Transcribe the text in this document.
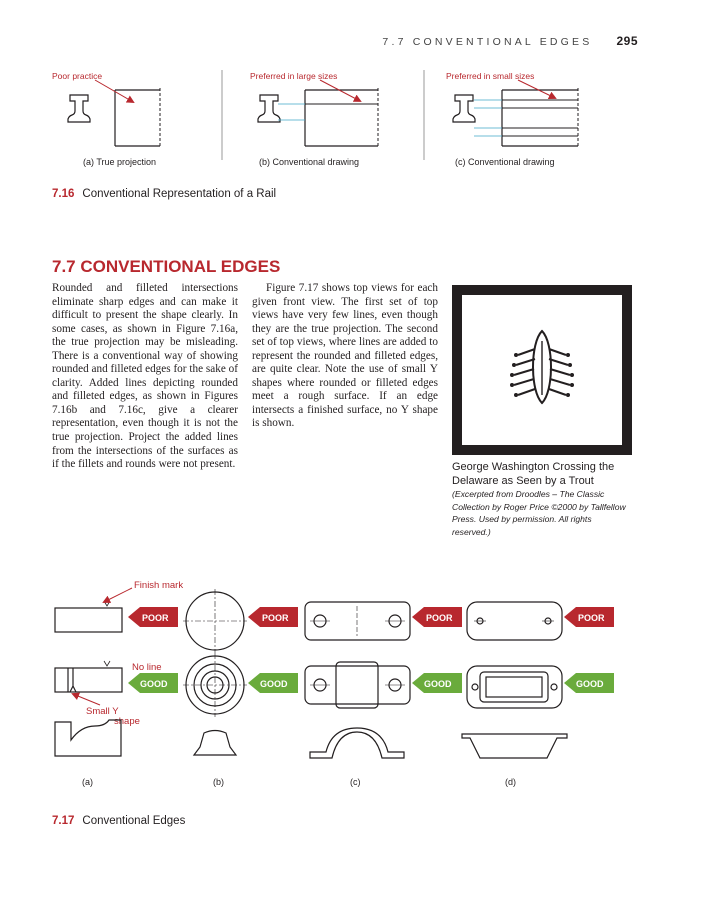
7.7 CONVENTIONAL EDGES 295
Poor practice	Preferred in large sizes	Preferred in small sizes
(a) True projection	(b) Conventional drawing	(c) Conventional drawing
7.16 Conventional Representation of a Rail
7.7 CONVENTIONAL EDGES

Rounded and filleted intersections eliminate sharp edges and can make it difficult to present the shape clearly. In some cases, as shown in Figure 7.16a, the true projection may be misleading. There is a conventional way of showing rounded and filleted edges for the sake of clarity. Added lines depicting rounded and filleted edges, as shown in Figures 7.16b and 7.16c, give a clearer representation, even though it is not the true projection. Project the added lines from the intersections of the surfaces as if the fillets and rounds were not present.

Figure 7.17 shows top views for each given front view. The first set of top views have very few lines, even though they are the true projection. The second set of top views, where lines are added to represent the rounded and filleted edges, are quite clear. Note the use of small Y shapes where rounded or filleted edges meet a rough surface. If an edge intersects a finished surface, no Y shape is shown.

George Washington Crossing the Delaware as Seen by a Trout
(Excerpted from Droodles – The Classic Collection by Roger Price ©2000 by Tallfellow Press. Used by permission. All rights reserved.)
Finish mark
No line
Small Y
shape
POOR	POOR	POOR	POOR
GOOD	GOOD	GOOD	GOOD
(a)	(b)	(c)	(d)
7.17 Conventional Edges
